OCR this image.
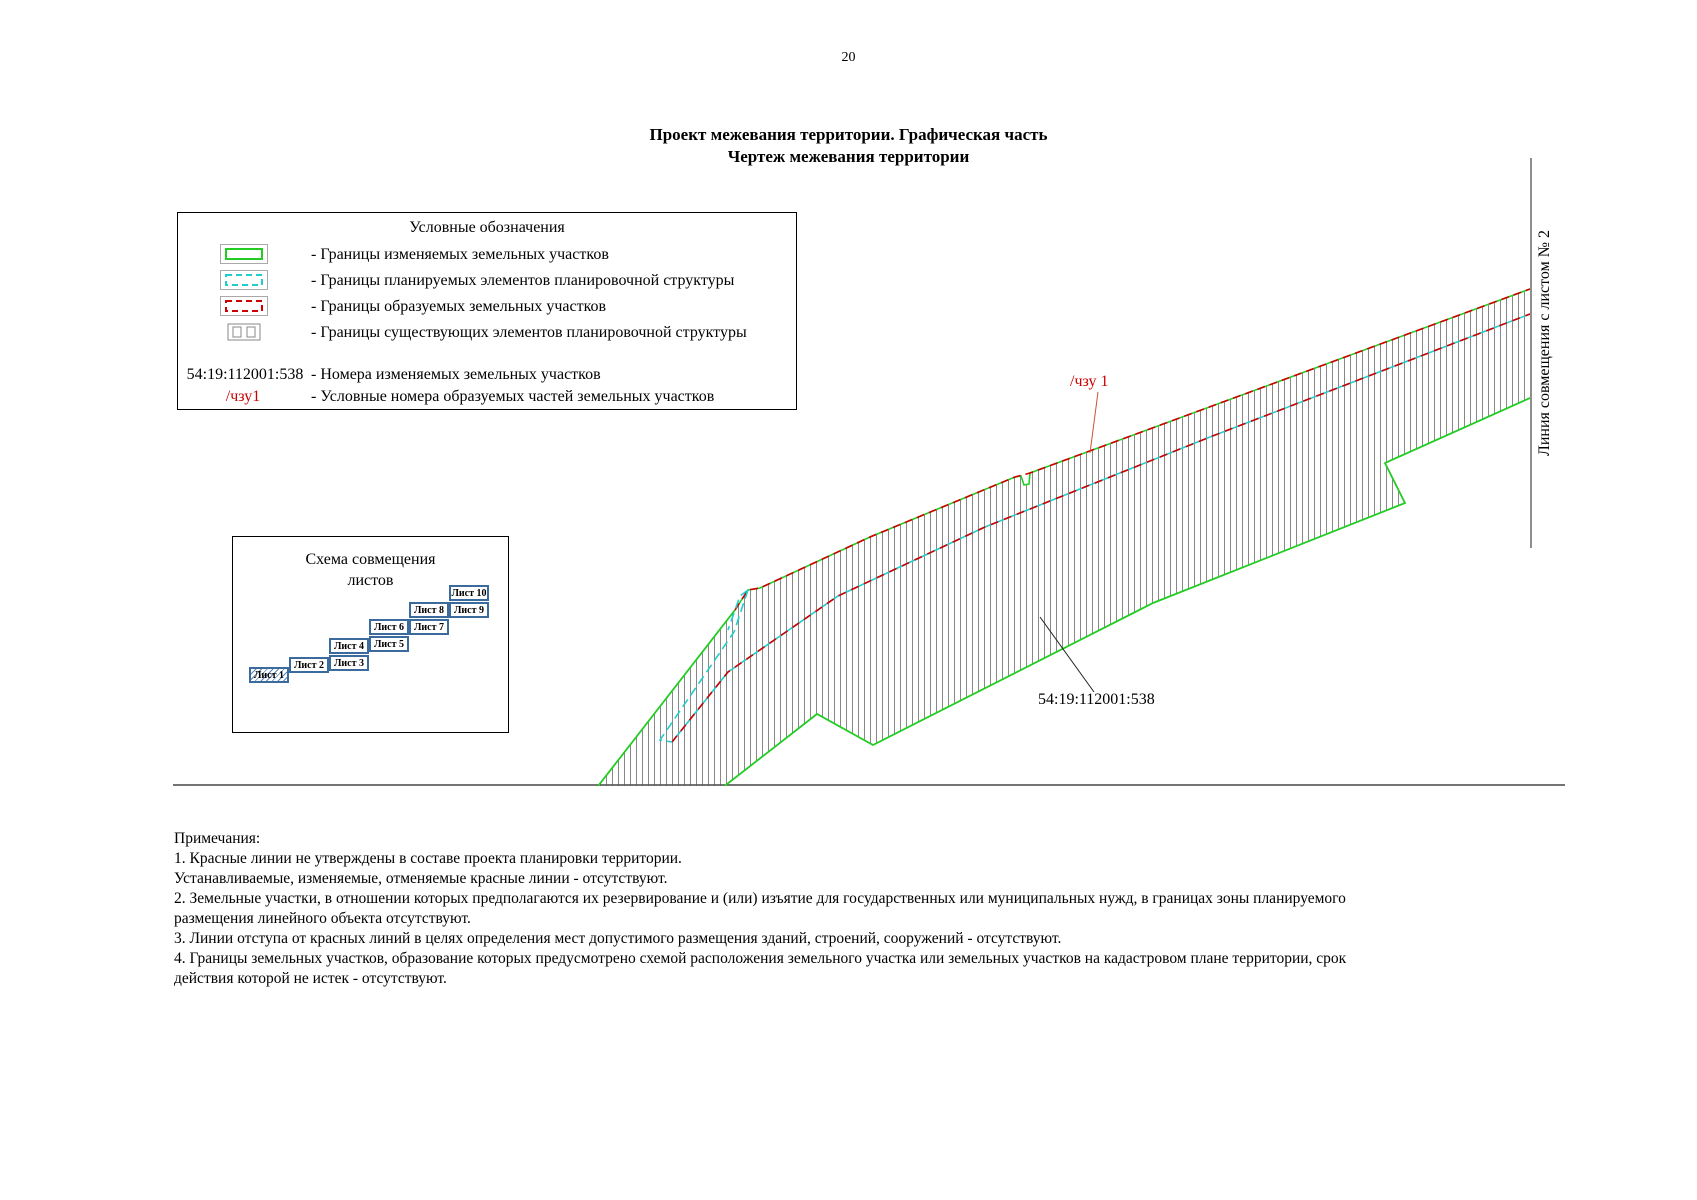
20
Проект межевания территории. Графическая часть
Чертеж межевания территории
/чзу 1
54:19:112001:538
Линия совмещения с листом № 2
Условные обозначения
- Границы изменяемых земельных участков
- Границы планируемых элементов планировочной структуры
- Границы образуемых земельных участков
- Границы существующих элементов планировочной структуры
54:19:112001:538 - Номера изменяемых земельных участков
/чзу1	- Условные номера образуемых частей земельных участков
Схема совмещения
листов
Лист 1
Лист 2 Лист 3
Лист 4 Лист 5
Лист 6 Лист 7
Лист 8 Лист 9
Лист 10
Примечания:
1. Красные линии не утверждены в составе проекта планировки территории.
Устанавливаемые, изменяемые, отменяемые красные линии - отсутствуют.
2. Земельные участки, в отношении которых предполагаются их резервирование и (или) изъятие для государственных или муниципальных нужд, в границах зоны планируемого
размещения линейного объекта отсутствуют.
3. Линии отступа от красных линий в целях определения мест допустимого размещения зданий, строений, сооружений - отсутствуют.
4. Границы земельных участков, образование которых предусмотрено схемой расположения земельного участка или земельных участков на кадастровом плане территории, срок
действия которой не истек - отсутствуют.
